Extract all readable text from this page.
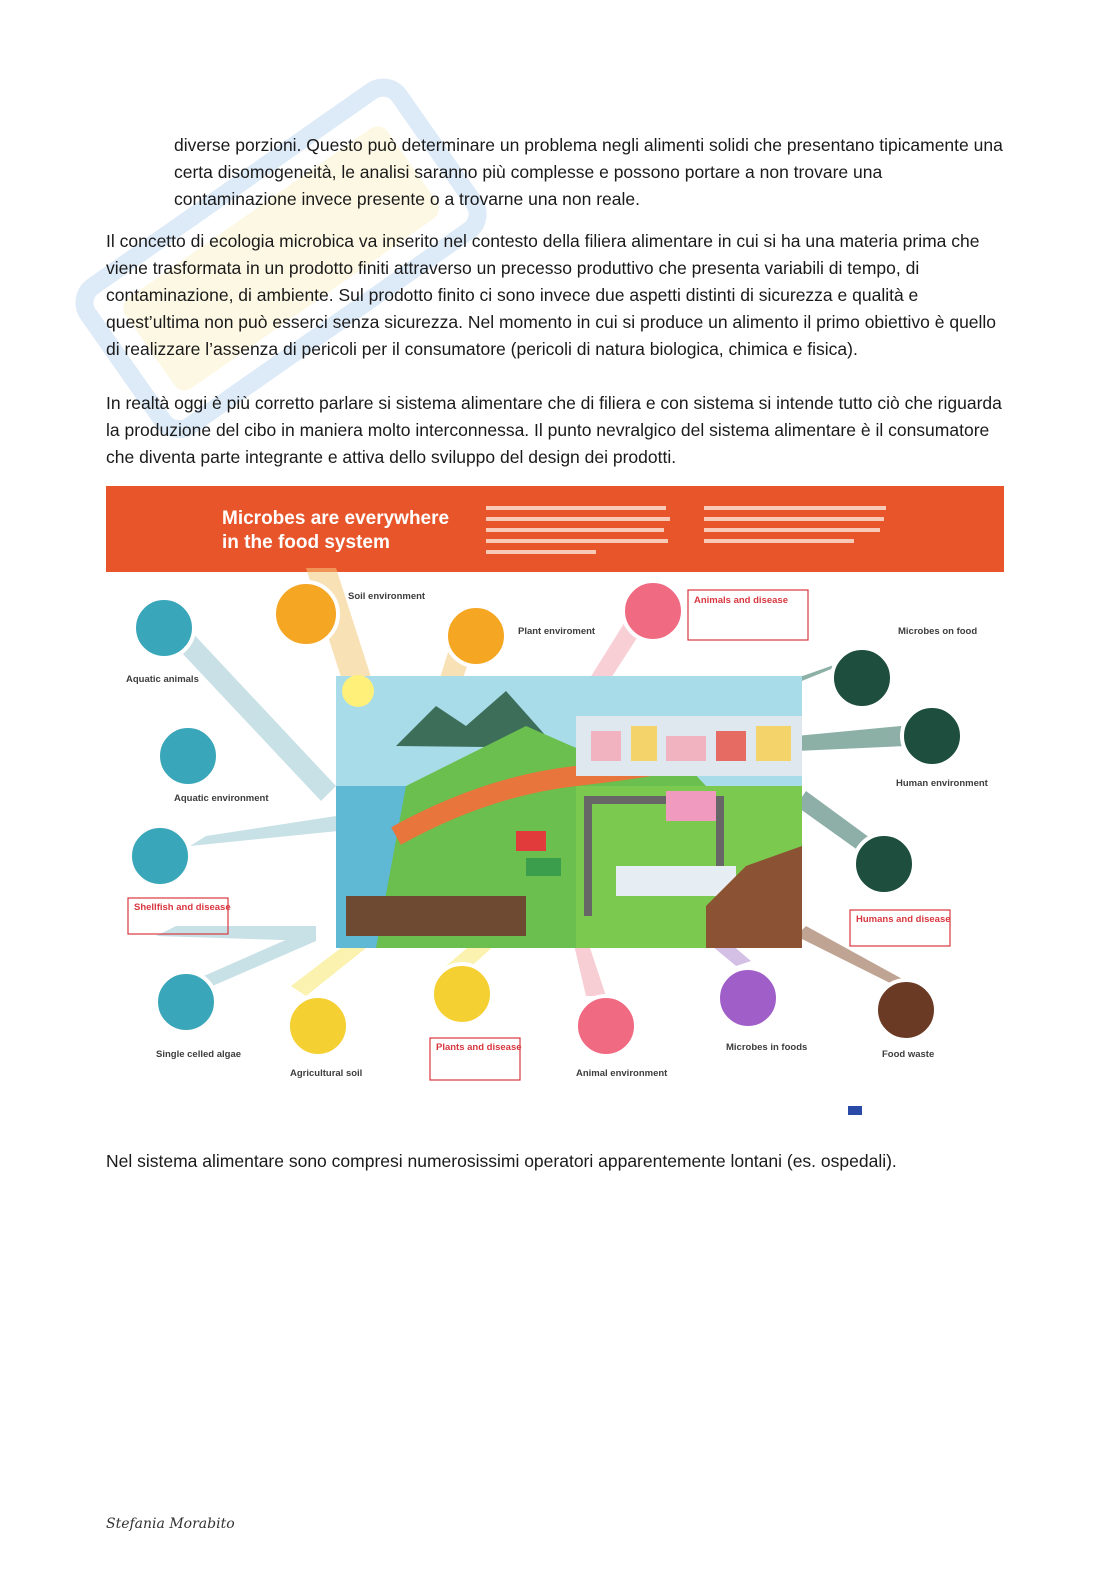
diverse porzioni. Questo può determinare un problema negli alimenti solidi che presentano tipicamente una certa disomogeneità, le analisi saranno più complesse e possono portare a non trovare una contaminazione invece presente o a trovarne una non reale.

Il concetto di ecologia microbica va inserito nel contesto della filiera alimentare in cui si ha una materia prima che viene trasformata in un prodotto finiti attraverso un precesso produttivo che presenta variabili di tempo, di contaminazione, di ambiente. Sul prodotto finito ci sono invece due aspetti distinti di sicurezza e qualità e quest’ultima non può esserci senza sicurezza. Nel momento in cui si produce un alimento il primo obiettivo è quello di realizzare l’assenza di pericoli per il consumatore (pericoli di natura biologica, chimica e fisica).

In realtà oggi è più corretto parlare si sistema alimentare che di filiera e con sistema si intende tutto ciò che riguarda la produzione del cibo in maniera molto interconnessa. Il punto nevralgico del sistema alimentare è il consumatore che diventa parte integrante e attiva dello sviluppo del design dei prodotti.

Microbes are everywhere
in the food system
Soil environment
Plant enviroment
Animals and disease
Microbes on food
Aquatic animals
Aquatic environment
Human environment
Shellfish and disease
Humans and disease
Single celled algae
Agricultural soil
Plants and disease
Animal environment
Microbes in foods
Food waste

Nel sistema alimentare sono compresi numerosissimi operatori apparentemente lontani (es. ospedali).

Stefania Morabito
